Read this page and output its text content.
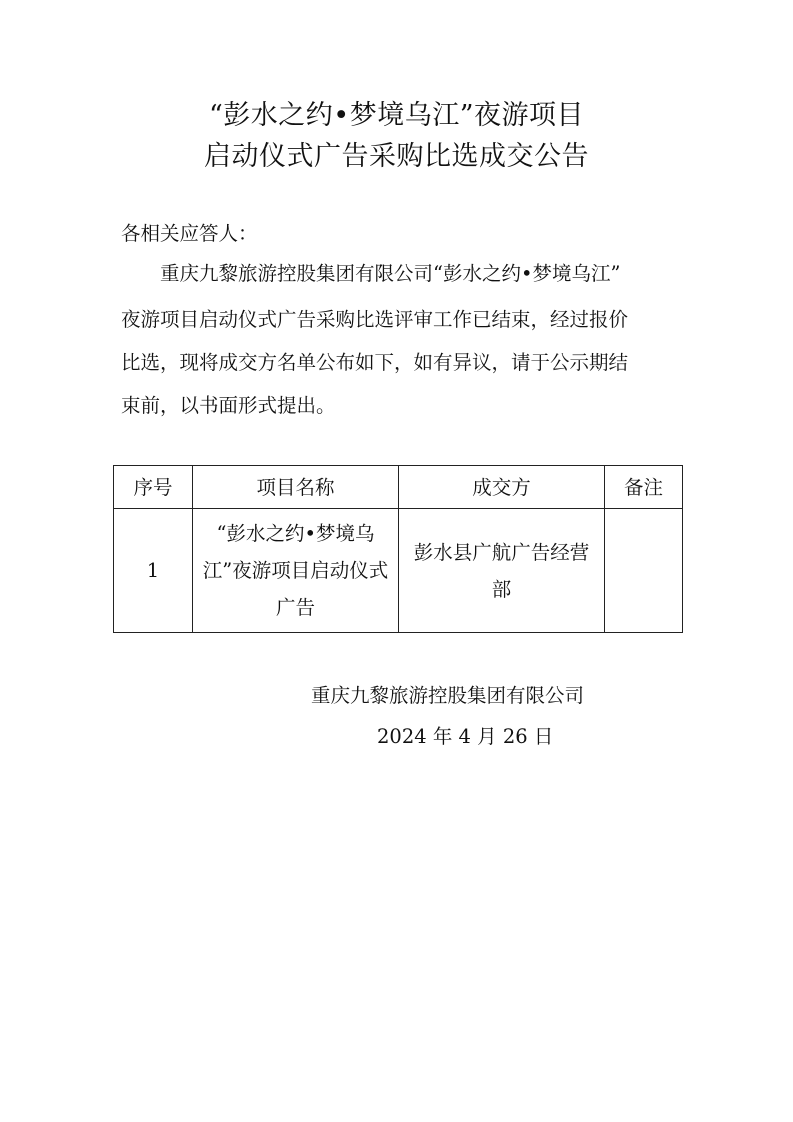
“彭水之约•梦境乌江”夜游项目
启动仪式广告采购比选成交公告
各相关应答人：
重庆九黎旅游控股集团有限公司“彭水之约•梦境乌江”
夜游项目启动仪式广告采购比选评审工作已结束，经过报价
比选，现将成交方名单公布如下，如有异议，请于公示期结
束前，以书面形式提出。
序号	项目名称	成交方	备注
1	“彭水之约•梦境乌江”夜游项目启动仪式广告	彭水县广航广告经营部	
重庆九黎旅游控股集团有限公司
2024 年 4 月 26 日
